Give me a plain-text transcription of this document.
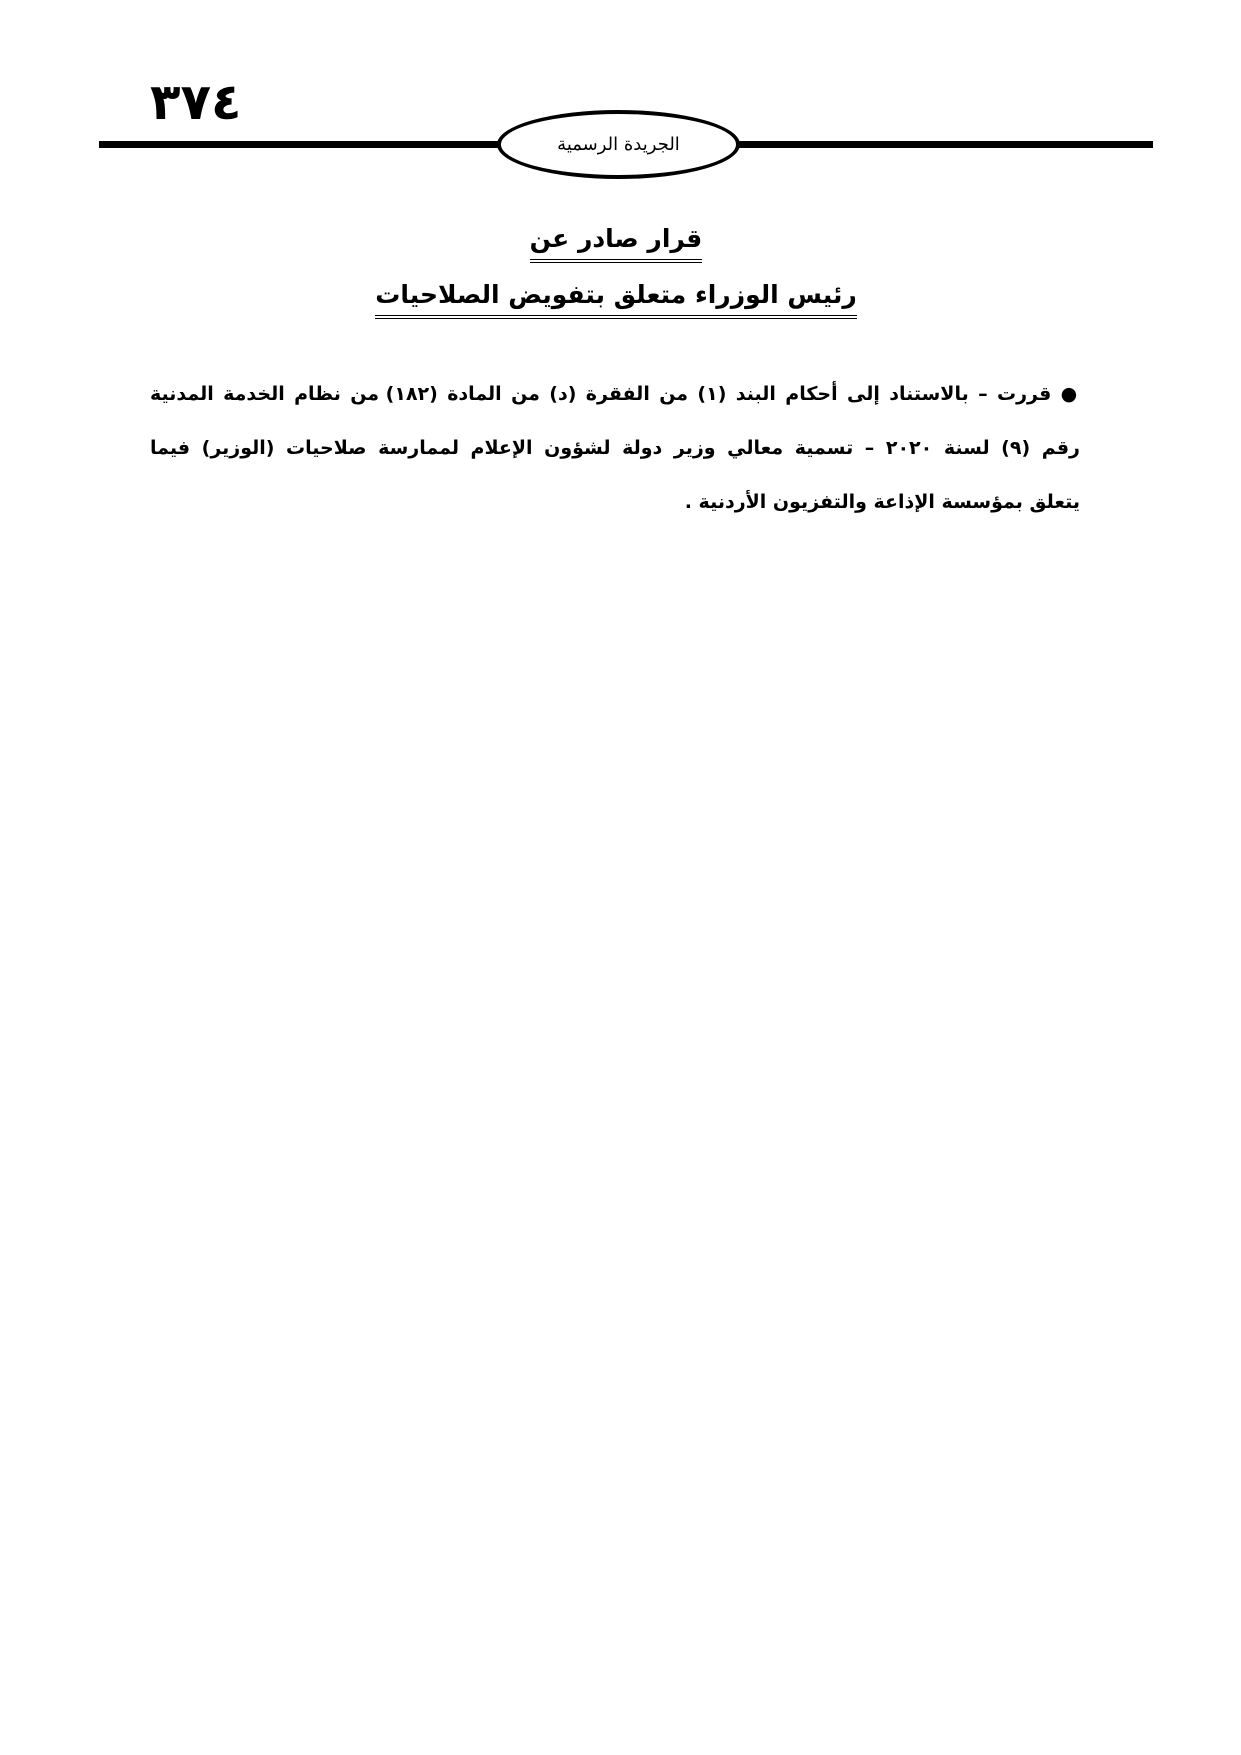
٣٧٤
الجريدة الرسمية
قرار صادر عن
رئيس الوزراء متعلق بتفويض الصلاحيات
● قررت – بالاستناد إلى أحكام البند (١) من الفقرة (د) من المادة (١٨٢) من نظام الخدمة المدنية
رقم (٩) لسنة ٢٠٢٠ – تسمية معالي وزير دولة لشؤون الإعلام لممارسة صلاحيات (الوزير) فيما
يتعلق بمؤسسة الإذاعة والتفزيون الأردنية .
